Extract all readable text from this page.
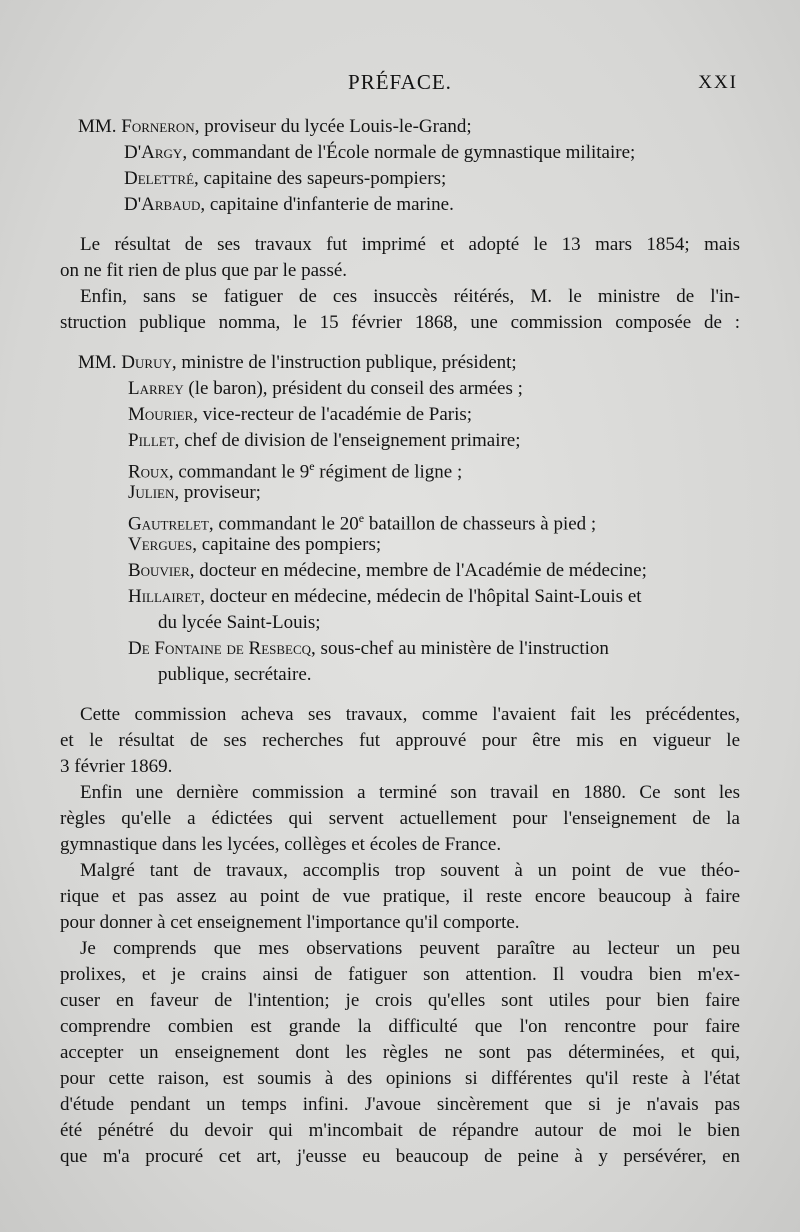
PRÉFACE.	XXI
MM. Forneron, proviseur du lycée Louis-le-Grand;
D'Argy, commandant de l'École normale de gymnastique militaire;
Delettré, capitaine des sapeurs-pompiers;
D'Arbaud, capitaine d'infanterie de marine.
Le résultat de ses travaux fut imprimé et adopté le 13 mars 1854; mais
on ne fit rien de plus que par le passé.
Enfin, sans se fatiguer de ces insuccès réitérés, M. le ministre de l'in-
struction publique nomma, le 15 février 1868, une commission composée de :
MM. Duruy, ministre de l'instruction publique, président;
Larrey (le baron), président du conseil des armées ;
Mourier, vice-recteur de l'académie de Paris;
Pillet, chef de division de l'enseignement primaire;
Roux, commandant le 9e régiment de ligne ;
Julien, proviseur;
Gautrelet, commandant le 20e bataillon de chasseurs à pied ;
Vergues, capitaine des pompiers;
Bouvier, docteur en médecine, membre de l'Académie de médecine;
Hillairet, docteur en médecine, médecin de l'hôpital Saint-Louis et
du lycée Saint-Louis;
De Fontaine de Resbecq, sous-chef au ministère de l'instruction
publique, secrétaire.
Cette commission acheva ses travaux, comme l'avaient fait les précédentes,
et le résultat de ses recherches fut approuvé pour être mis en vigueur le
3 février 1869.
Enfin une dernière commission a terminé son travail en 1880. Ce sont les
règles qu'elle a édictées qui servent actuellement pour l'enseignement de la
gymnastique dans les lycées, collèges et écoles de France.
Malgré tant de travaux, accomplis trop souvent à un point de vue théo-
rique et pas assez au point de vue pratique, il reste encore beaucoup à faire
pour donner à cet enseignement l'importance qu'il comporte.
Je comprends que mes observations peuvent paraître au lecteur un peu
prolixes, et je crains ainsi de fatiguer son attention. Il voudra bien m'ex-
cuser en faveur de l'intention; je crois qu'elles sont utiles pour bien faire
comprendre combien est grande la difficulté que l'on rencontre pour faire
accepter un enseignement dont les règles ne sont pas déterminées, et qui,
pour cette raison, est soumis à des opinions si différentes qu'il reste à l'état
d'étude pendant un temps infini. J'avoue sincèrement que si je n'avais pas
été pénétré du devoir qui m'incombait de répandre autour de moi le bien
que m'a procuré cet art, j'eusse eu beaucoup de peine à y persévérer, en
